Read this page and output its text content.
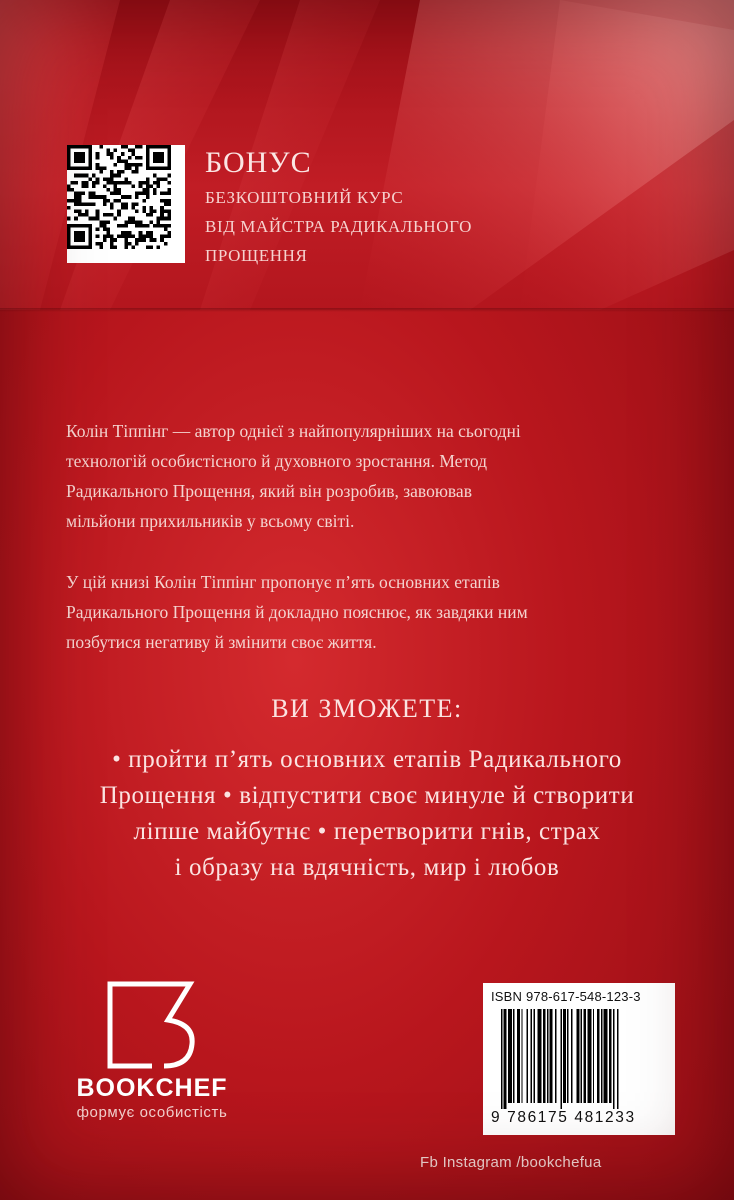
БОНУС
БЕЗКОШТОВНИЙ КУРС
ВІД МАЙСТРА РАДИКАЛЬНОГО
ПРОЩЕННЯ
Колін Тіппінг — автор однієї з найпопулярніших на сьогодні
технологій особистісного й духовного зростання. Метод
Радикального Прощення, який він розробив, завоював
мільйони прихильників у всьому світі.
У цій книзі Колін Тіппінг пропонує п’ять основних етапів
Радикального Прощення й докладно пояснює, як завдяки ним
позбутися негативу й змінити своє життя.
ВИ ЗМОЖЕТЕ:
• пройти п’ять основних етапів Радикального
Прощення • відпустити своє минуле й створити
ліпше майбутнє • перетворити гнів, страх
і образу на вдячність, мир і любов
BOOKCHEF
формує особистість
ISBN 978-617-548-123-3
9 786175 481233
Fb Instagram /bookchefua
